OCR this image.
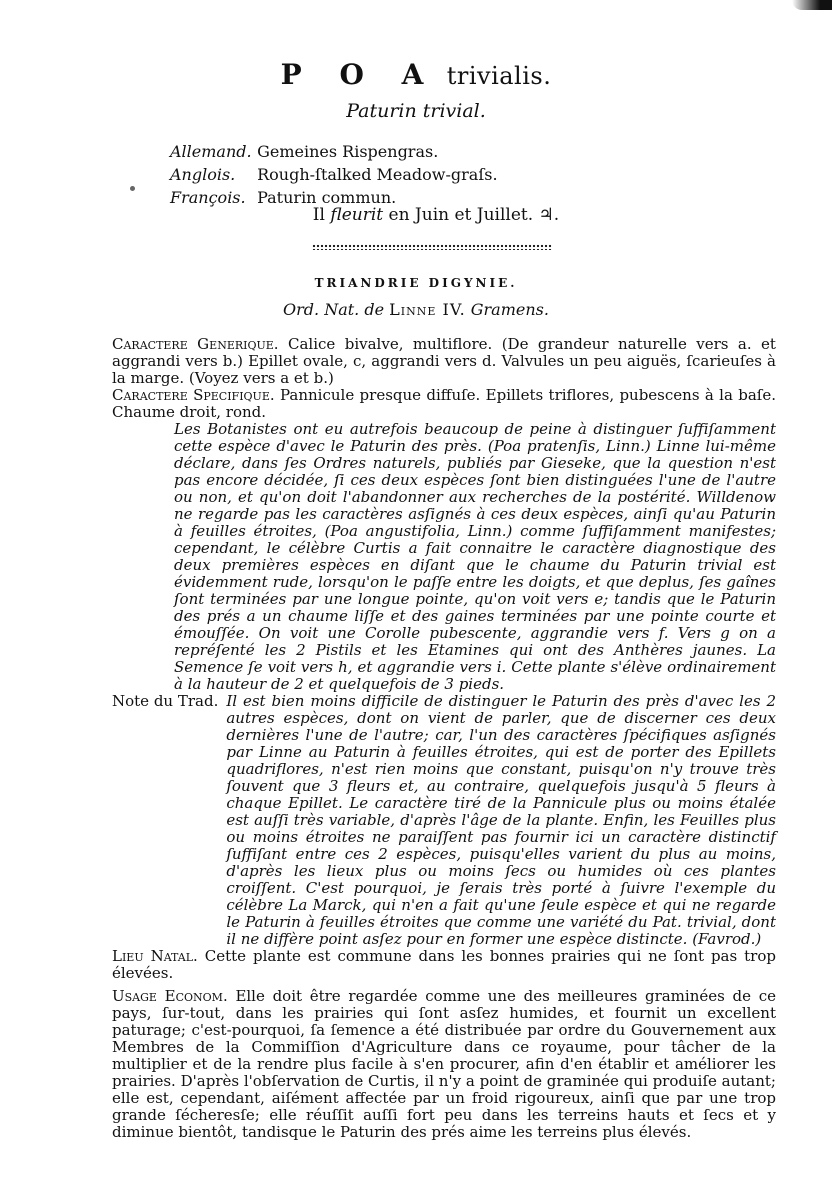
P O A trivialis.
Paturin trivial.
Allemand. Gemeines Rispengras.
Anglois. Rough-ſtalked Meadow-graſs.
François. Paturin commun.
Il fleurit en Juin et Juillet. ♃.
TRIANDRIE DIGYNIE.
Ord. Nat. de Linne IV. Gramens.

Caractere Generique. Calice bivalve, multiflore. (De grandeur naturelle vers a. et aggrandi vers b.) Epillet ovale, c, aggrandi vers d. Valvules un peu aiguës, ſcarieuſes à la marge. (Voyez vers a et b.)

Caractere Specifique. Pannicule presque diffuſe. Epillets triflores, pubescens à la baſe. Chaume droit, rond.

Les Botanistes ont eu autrefois beaucoup de peine à distinguer ſuffiſamment cette espèce d'avec le Paturin des près. (Poa pratenſis, Linn.) Linne lui-même déclare, dans ſes Ordres naturels, publiés par Gieseke, que la question n'est pas encore décidée, ſi ces deux espèces ſont bien distinguées l'une de l'autre ou non, et qu'on doit l'abandonner aux recherches de la postérité. Willdenow ne regarde pas les caractères asſignés à ces deux espèces, ainſi qu'au Paturin à feuilles étroites, (Poa angustifolia, Linn.) comme ſuffiſamment manifestes; cependant, le célèbre Curtis a fait connaitre le caractère diagnostique des deux premières espèces en diſant que le chaume du Paturin trivial est évidemment rude, lorsqu'on le paſſe entre les doigts, et que deplus, ſes gaînes ſont terminées par une longue pointe, qu'on voit vers e; tandis que le Paturin des prés a un chaume liſſe et des gaines terminées par une pointe courte et émouſſée. On voit une Corolle pubescente, aggrandie vers f. Vers g on a repréſenté les 2 Pistils et les Etamines qui ont des Anthères jaunes. La Semence ſe voit vers h, et aggrandie vers i. Cette plante s'élève ordinairement à la hauteur de 2 et quelquefois de 3 pieds.

Note du Trad. Il est bien moins difficile de distinguer le Paturin des près d'avec les 2 autres espèces, dont on vient de parler, que de discerner ces deux dernières l'une de l'autre; car, l'un des caractères ſpécifiques asſignés par Linne au Paturin à feuilles étroites, qui est de porter des Epillets quadriflores, n'est rien moins que constant, puisqu'on n'y trouve très ſouvent que 3 fleurs et, au contraire, quelquefois jusqu'à 5 fleurs à chaque Epillet. Le caractère tiré de la Pannicule plus ou moins étalée est auſſi très variable, d'après l'âge de la plante. Enfin, les Feuilles plus ou moins étroites ne paraiſſent pas fournir ici un caractère distinctif ſuffiſant entre ces 2 espèces, puisqu'elles varient du plus au moins, d'après les lieux plus ou moins ſecs ou humides où ces plantes croiſſent. C'est pourquoi, je ſerais très porté à ſuivre l'exemple du célèbre La Marck, qui n'en a fait qu'une ſeule espèce et qui ne regarde le Paturin à feuilles étroites que comme une variété du Pat. trivial, dont il ne diffère point asſez pour en former une espèce distincte. (Favrod.)

Lieu Natal. Cette plante est commune dans les bonnes prairies qui ne ſont pas trop élevées.

Usage Econom. Elle doit être regardée comme une des meilleures graminées de ce pays, ſur-tout, dans les prairies qui ſont asſez humides, et fournit un excellent paturage; c'est-pourquoi, ſa ſemence a été distribuée par ordre du Gouvernement aux Membres de la Commiſſion d'Agriculture dans ce royaume, pour tâcher de la multiplier et de la rendre plus facile à s'en procurer, afin d'en établir et améliorer les prairies. D'après l'obſervation de Curtis, il n'y a point de graminée qui produiſe autant; elle est, cependant, aiſément affectée par un froid rigoureux, ainſi que par une trop grande ſécheresſe; elle réuſſit auſſi fort peu dans les terreins hauts et ſecs et y diminue bientôt, tandisque le Paturin des prés aime les terreins plus élevés.
